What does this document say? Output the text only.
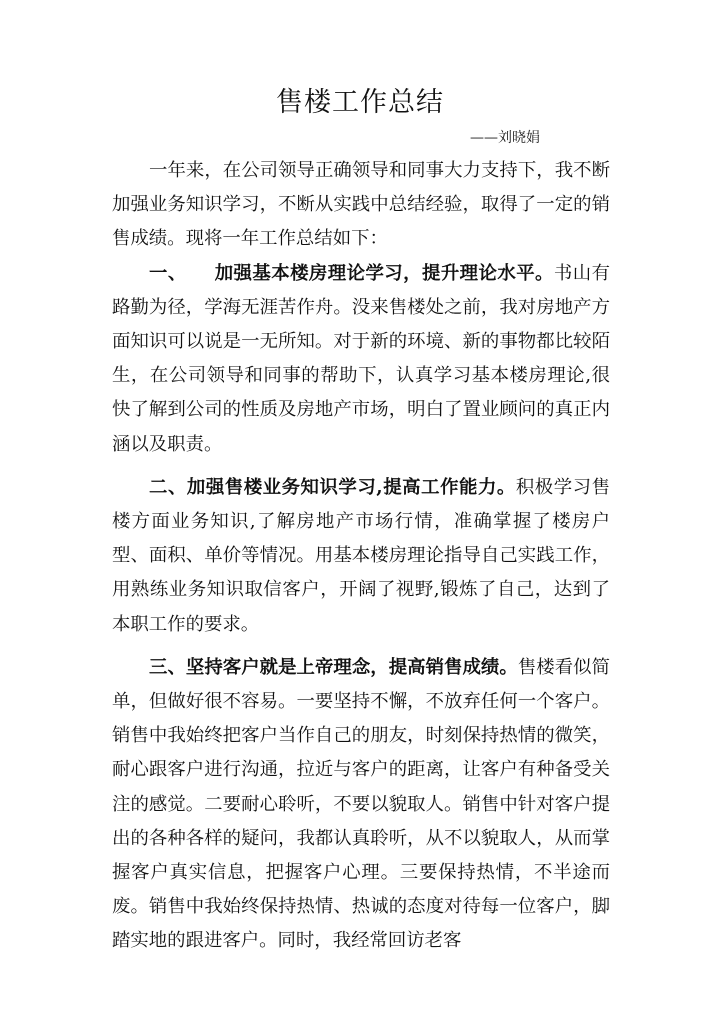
售楼工作总结
——刘晓娟

一年来，在公司领导正确领导和同事大力支持下，我不断加强业务知识学习，不断从实践中总结经验，取得了一定的销售成绩。现将一年工作总结如下：

一、 加强基本楼房理论学习，提升理论水平。书山有路勤为径，学海无涯苦作舟。没来售楼处之前，我对房地产方面知识可以说是一无所知。对于新的环境、新的事物都比较陌生，在公司领导和同事的帮助下，认真学习基本楼房理论,很快了解到公司的性质及房地产市场，明白了置业顾问的真正内涵以及职责。

二、加强售楼业务知识学习,提高工作能力。积极学习售楼方面业务知识,了解房地产市场行情，准确掌握了楼房户型、面积、单价等情况。用基本楼房理论指导自己实践工作，用熟练业务知识取信客户，开阔了视野,锻炼了自己，达到了本职工作的要求。

三、坚持客户就是上帝理念，提高销售成绩。售楼看似简单，但做好很不容易。一要坚持不懈，不放弃任何一个客户。销售中我始终把客户当作自己的朋友，时刻保持热情的微笑，耐心跟客户进行沟通，拉近与客户的距离，让客户有种备受关注的感觉。二要耐心聆听，不要以貌取人。销售中针对客户提出的各种各样的疑问，我都认真聆听，从不以貌取人，从而掌握客户真实信息，把握客户心理。三要保持热情，不半途而废。销售中我始终保持热情、热诚的态度对待每一位客户，脚踏实地的跟进客户。同时，我经常回访老客
